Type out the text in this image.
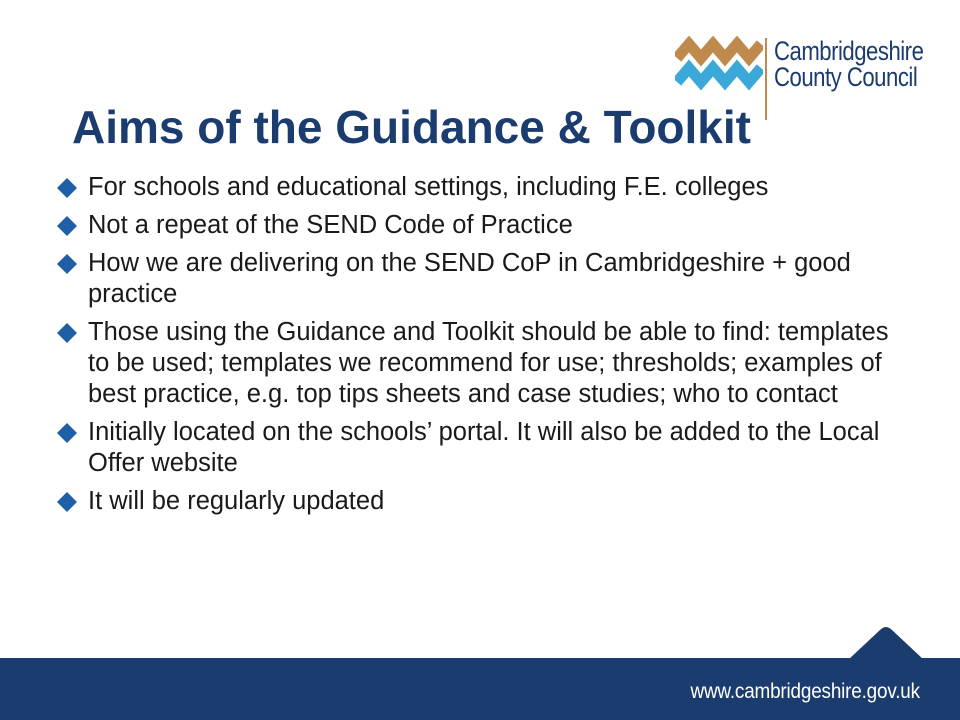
Cambridgeshire
County Council
Aims of the Guidance & Toolkit
For schools and educational settings, including F.E. colleges
Not a repeat of the SEND Code of Practice
How we are delivering on the SEND CoP in Cambridgeshire + good practice
Those using the Guidance and Toolkit should be able to find: templates to be used; templates we recommend for use; thresholds; examples of best practice, e.g. top tips sheets and case studies; who to contact
Initially located on the schools’ portal. It will also be added to the Local Offer website
It will be regularly updated
www.cambridgeshire.gov.uk
